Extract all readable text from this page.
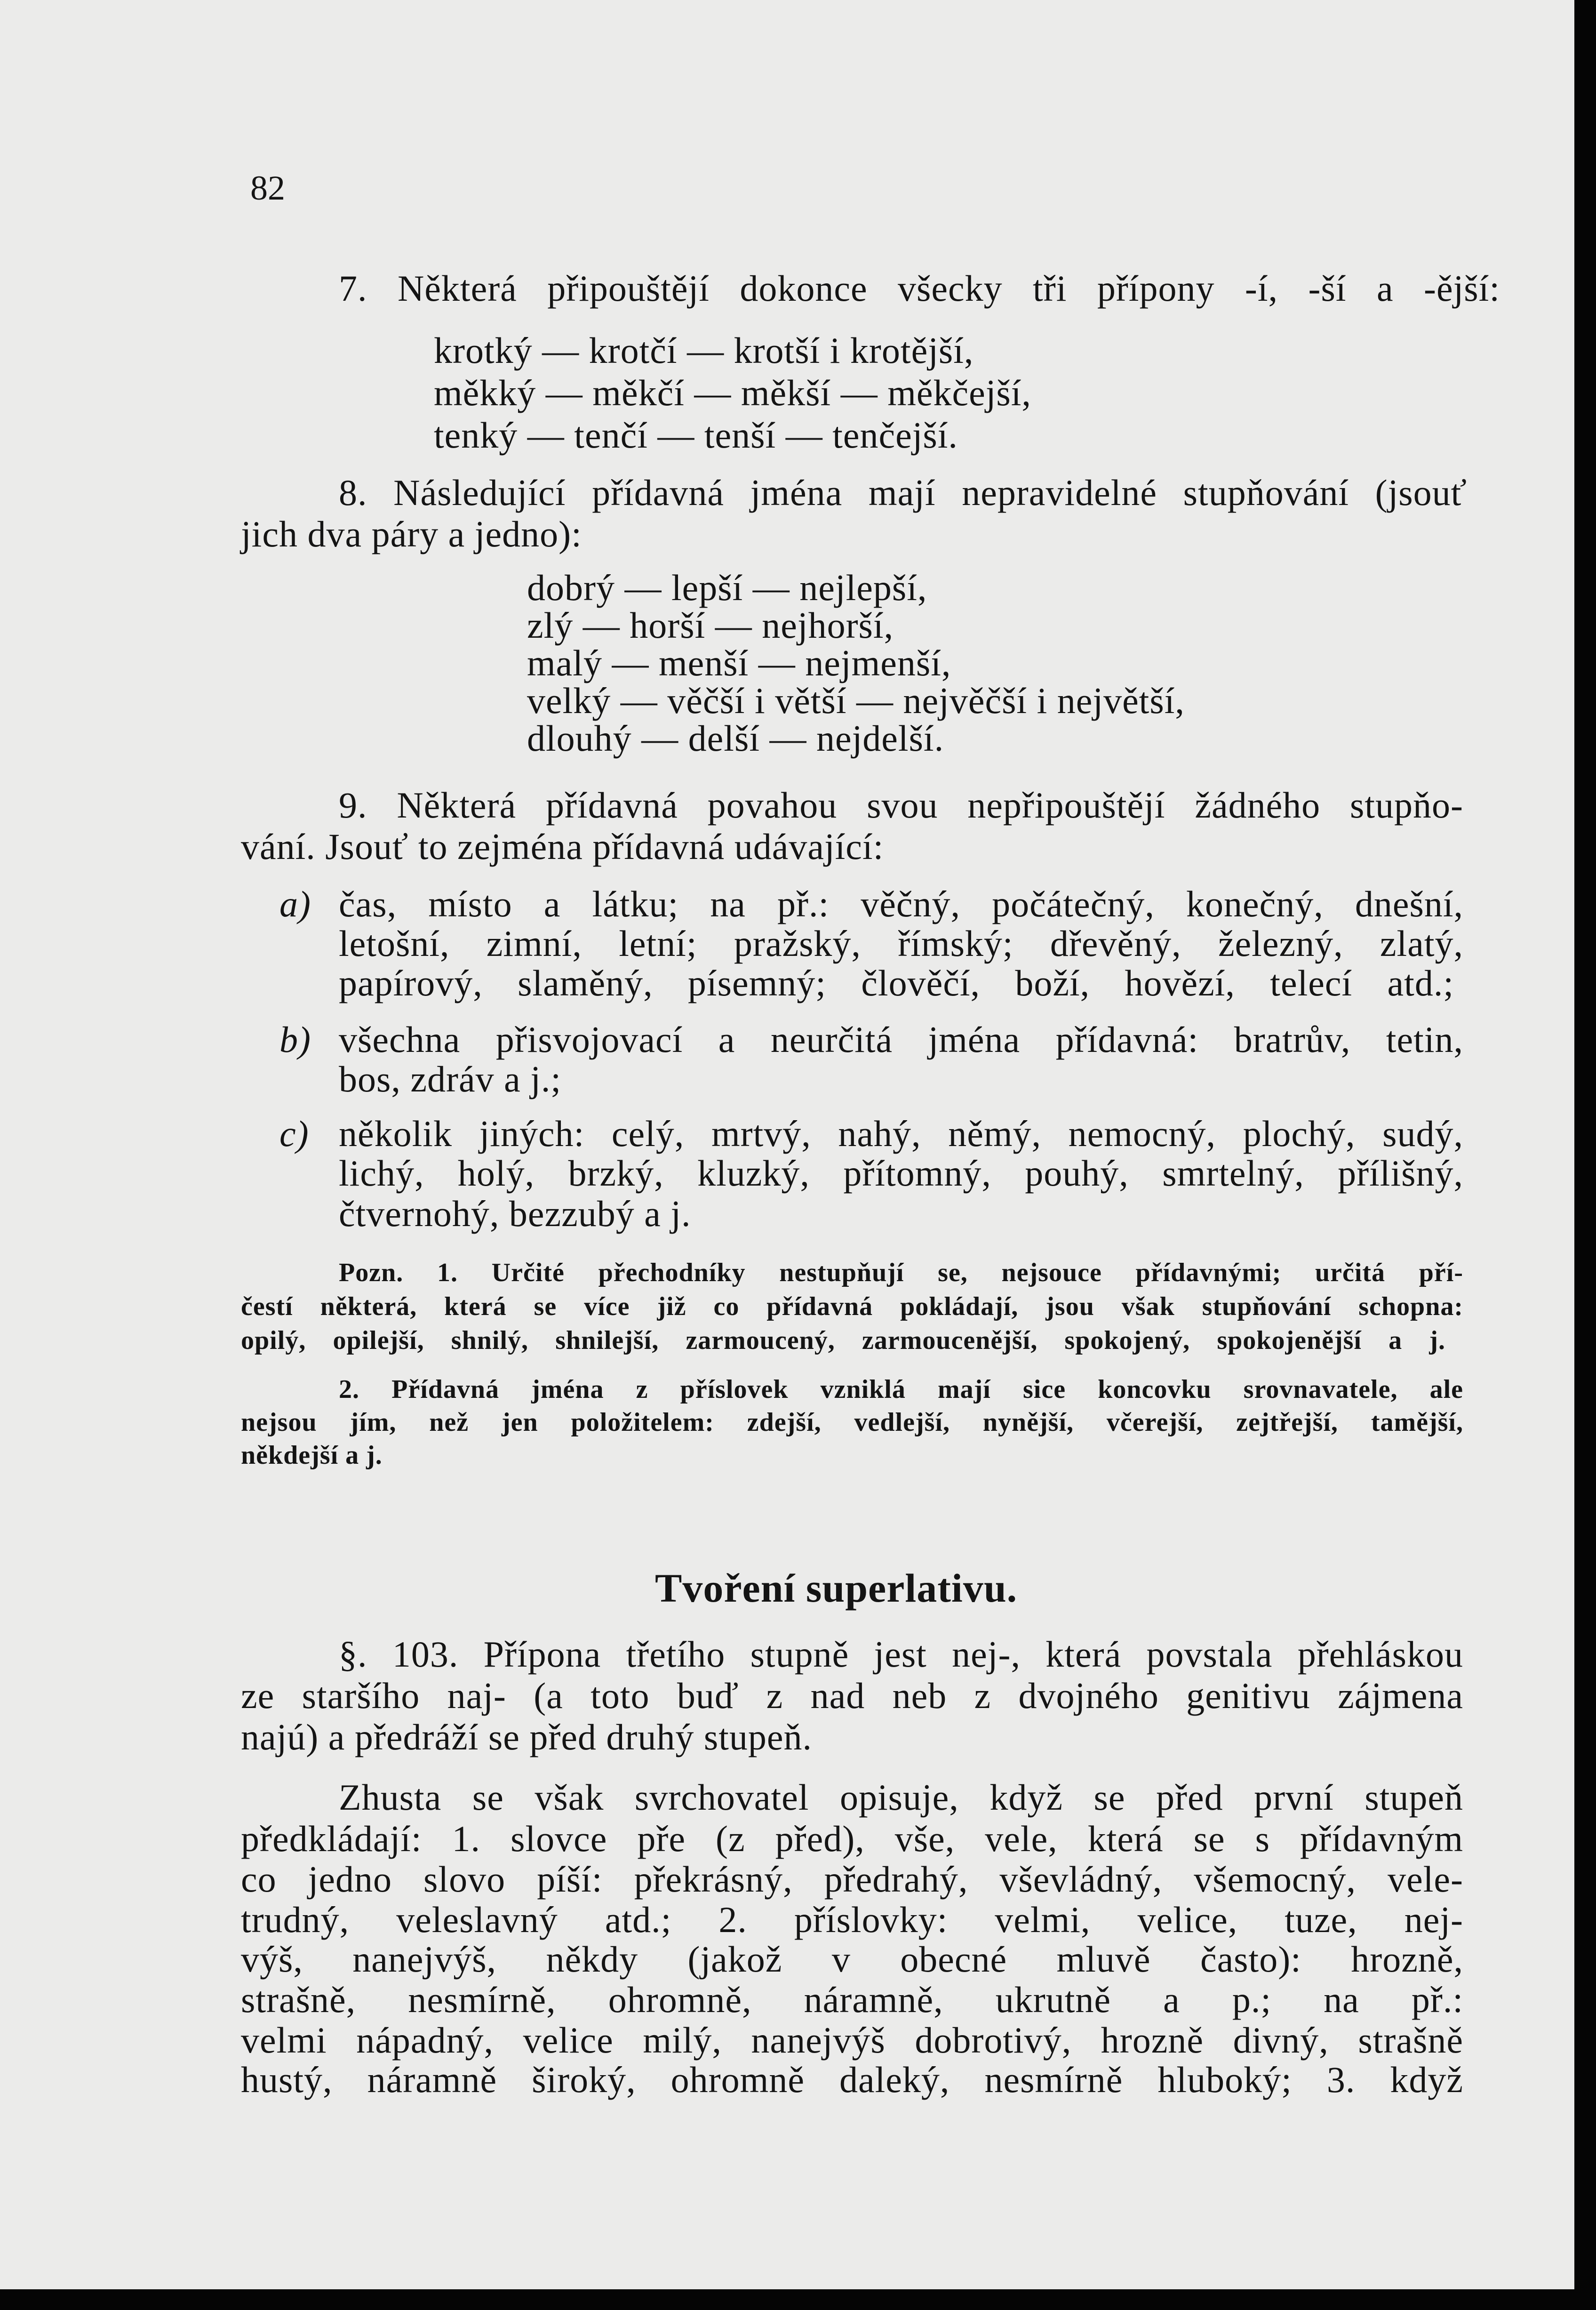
82

7. Některá připouštějí dokonce všecky tři přípony -í, -ší a -ější:

krotký — krotčí — krotší i krotější,

měkký — měkčí — měkší — měkčejší,

tenký — tenčí — tenší — tenčejší.

8. Následující přídavná jména mají nepravidelné stupňování (jsouť

jich dva páry a jedno):

dobrý — lepší — nejlepší,

zlý — horší — nejhorší,

malý — menší — nejmenší,

velký — věčší i větší — nejvěčší i největší,

dlouhý — delší — nejdelší.

9. Některá přídavná povahou svou nepřipouštějí žádného stupňo-

vání. Jsouť to zejména přídavná udávající:

a) čas, místo a látku; na př.: věčný, počátečný, konečný, dnešní,

letošní, zimní, letní; pražský, římský; dřevěný, železný, zlatý,

papírový, slaměný, písemný; člověčí, boží, hovězí, telecí atd.;

b) všechna přisvojovací a neurčitá jména přídavná: bratrův, tetin,

bos, zdráv a j.;

c) několik jiných: celý, mrtvý, nahý, němý, nemocný, plochý, sudý,

lichý, holý, brzký, kluzký, přítomný, pouhý, smrtelný, přílišný,

čtvernohý, bezzubý a j.

Pozn. 1. Určité přechodníky nestupňují se, nejsouce přídavnými; určitá pří-

čestí některá, která se více již co přídavná pokládají, jsou však stupňování schopna:

opilý, opilejší, shnilý, shnilejší, zarmoucený, zarmoucenější, spokojený, spokojenější a j.

2. Přídavná jména z příslovek vzniklá mají sice koncovku srovnavatele, ale

nejsou jím, než jen položitelem: zdejší, vedlejší, nynější, včerejší, zejtřejší, tamější,

někdejší a j.

Tvoření superlativu.

§. 103. Přípona třetího stupně jest nej-, která povstala přehláskou

ze staršího naj- (a toto buď z nad neb z dvojného genitivu zájmena

najú) a předráží se před druhý stupeň.

Zhusta se však svrchovatel opisuje, když se před první stupeň

předkládají: 1. slovce pře (z před), vše, vele, která se s přídavným

co jedno slovo píší: překrásný, předrahý, vševládný, všemocný, vele-

trudný, veleslavný atd.; 2. příslovky: velmi, velice, tuze, nej-

výš, nanejvýš, někdy (jakož v obecné mluvě často): hrozně,

strašně, nesmírně, ohromně, náramně, ukrutně a p.; na př.:

velmi nápadný, velice milý, nanejvýš dobrotivý, hrozně divný, strašně

hustý, náramně široký, ohromně daleký, nesmírně hluboký; 3. když
